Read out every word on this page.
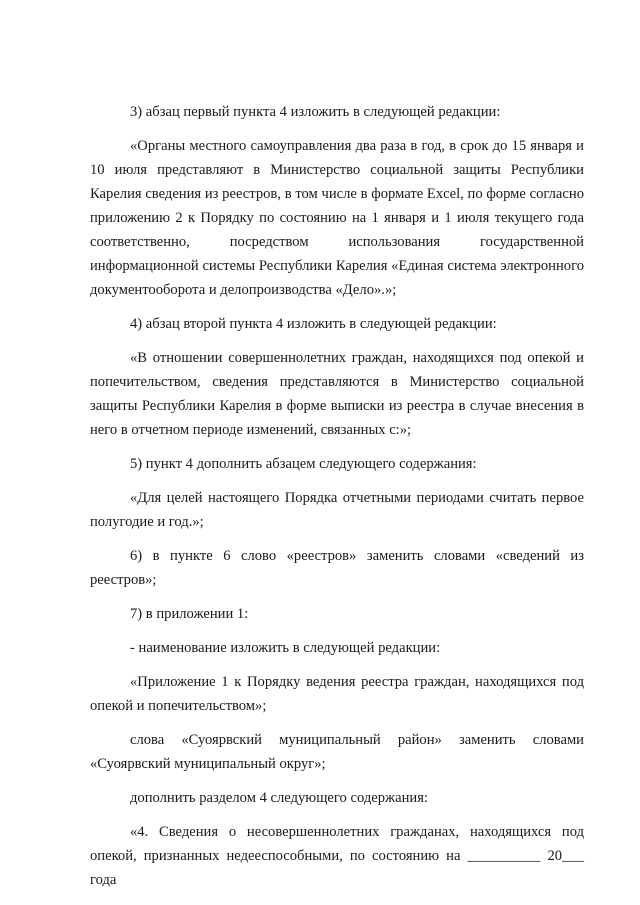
3) абзац первый пункта 4 изложить в следующей редакции:

«Органы местного самоуправления два раза в год, в срок до 15 января и 10 июля представляют в Министерство социальной защиты Республики Карелия сведения из реестров, в том числе в формате Excel, по форме согласно приложению 2 к Порядку по состоянию на 1 января и 1 июля текущего года соответственно, посредством использования государственной информационной системы Республики Карелия «Единая система электронного документооборота и делопроизводства «Дело».»;

4) абзац второй пункта 4 изложить в следующей редакции:

«В отношении совершеннолетних граждан, находящихся под опекой и попечительством, сведения представляются в Министерство социальной защиты Республики Карелия в форме выписки из реестра в случае внесения в него в отчетном периоде изменений, связанных с:»;

5) пункт 4 дополнить абзацем следующего содержания:

«Для целей настоящего Порядка отчетными периодами считать первое полугодие и год.»;

6) в пункте 6 слово «реестров» заменить словами «сведений из реестров»;

7) в приложении 1:

- наименование изложить в следующей редакции:

«Приложение 1 к Порядку ведения реестра граждан, находящихся под опекой и попечительством»;

слова «Суоярвский муниципальный район» заменить словами «Суоярвский муниципальный округ»;

дополнить разделом 4 следующего содержания:

«4. Сведения о несовершеннолетних гражданах, находящихся под опекой, признанных недееспособными, по состоянию на __________ 20___ года
